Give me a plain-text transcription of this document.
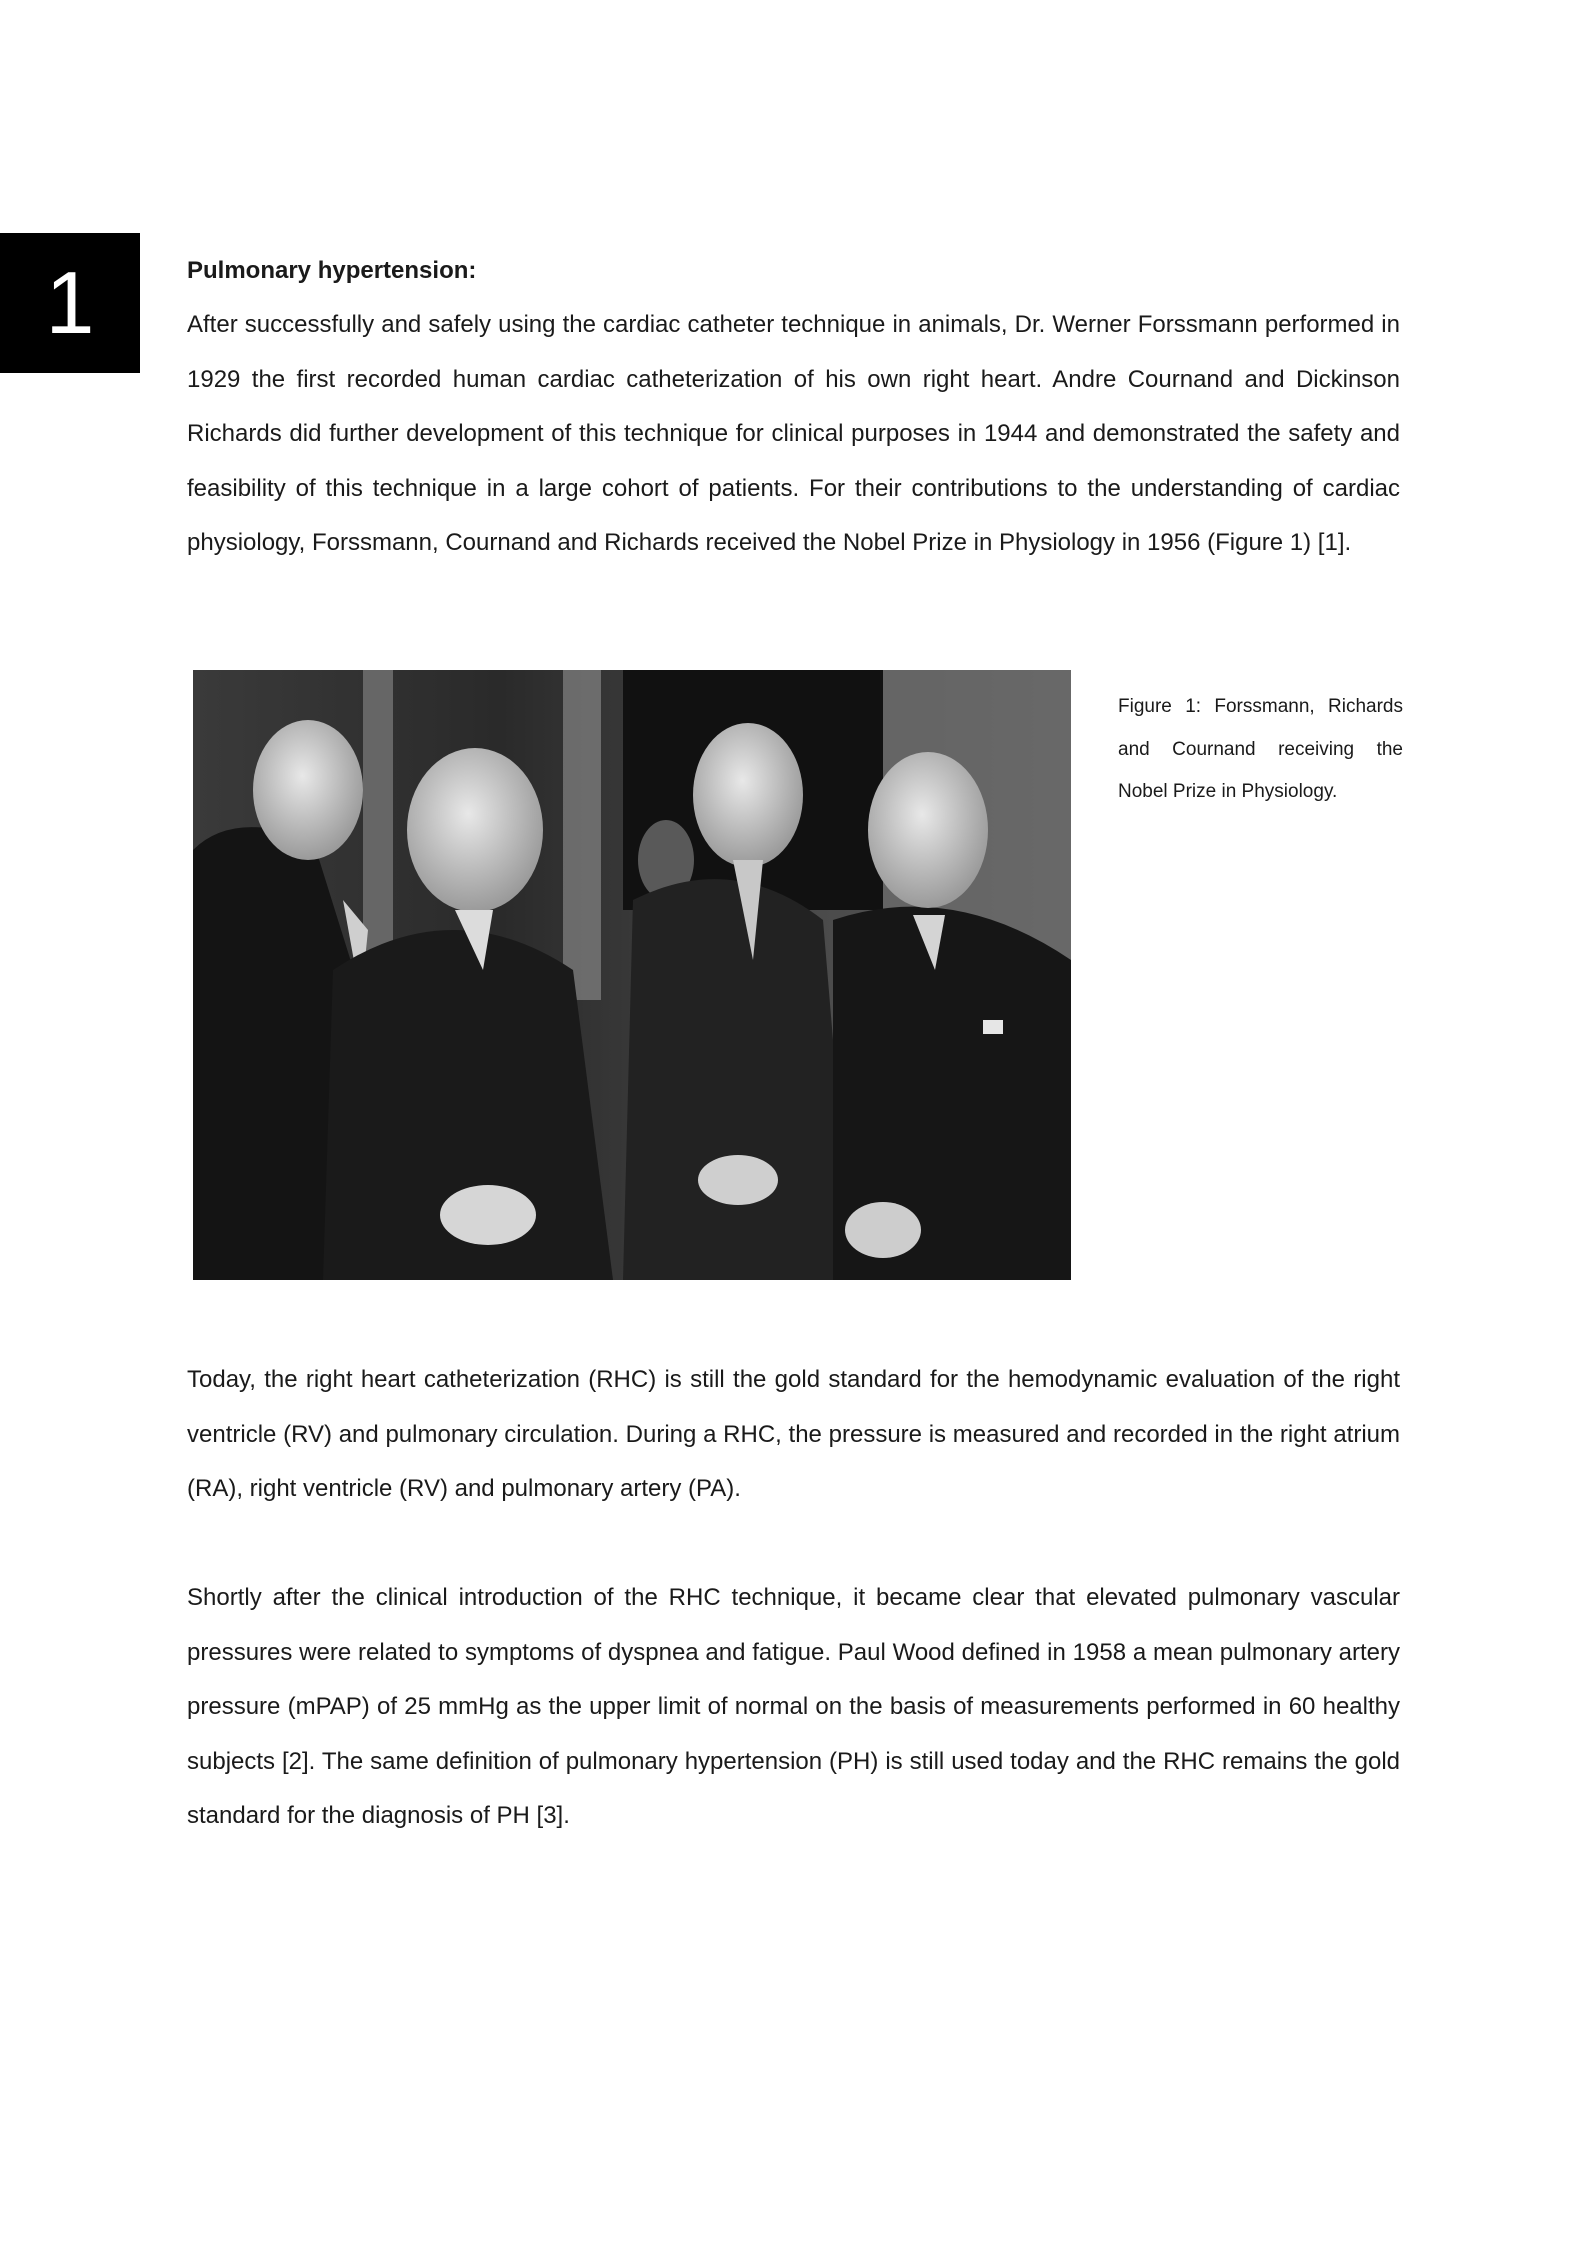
1	Pulmonary hypertension:
After successfully and safely using the cardiac catheter technique in animals, Dr. Werner Forssmann performed in 1929 the first recorded human cardiac catheterization of his own right heart. Andre Cournand and Dickinson Richards did further development of this technique for clinical purposes in 1944 and demonstrated the safety and feasibility of this technique in a large cohort of patients. For their contributions to the understanding of cardiac physiology, Forssmann, Cournand and Richards received the Nobel Prize in Physiology in 1956 (Figure 1) [1].
Figure 1: Forssmann, Richards and Cournand receiving the Nobel Prize in Physiology.
Today, the right heart catheterization (RHC) is still the gold standard for the hemodynamic evaluation of the right ventricle (RV) and pulmonary circulation. During a RHC, the pressure is measured and recorded in the right atrium (RA), right ventricle (RV) and pulmonary artery (PA).
Shortly after the clinical introduction of the RHC technique, it became clear that elevated pulmonary vascular pressures were related to symptoms of dyspnea and fatigue. Paul Wood defined in 1958 a mean pulmonary artery pressure (mPAP) of 25 mmHg as the upper limit of normal on the basis of measurements performed in 60 healthy subjects [2]. The same definition of pulmonary hypertension (PH) is still used today and the RHC remains the gold standard for the diagnosis of PH [3].
